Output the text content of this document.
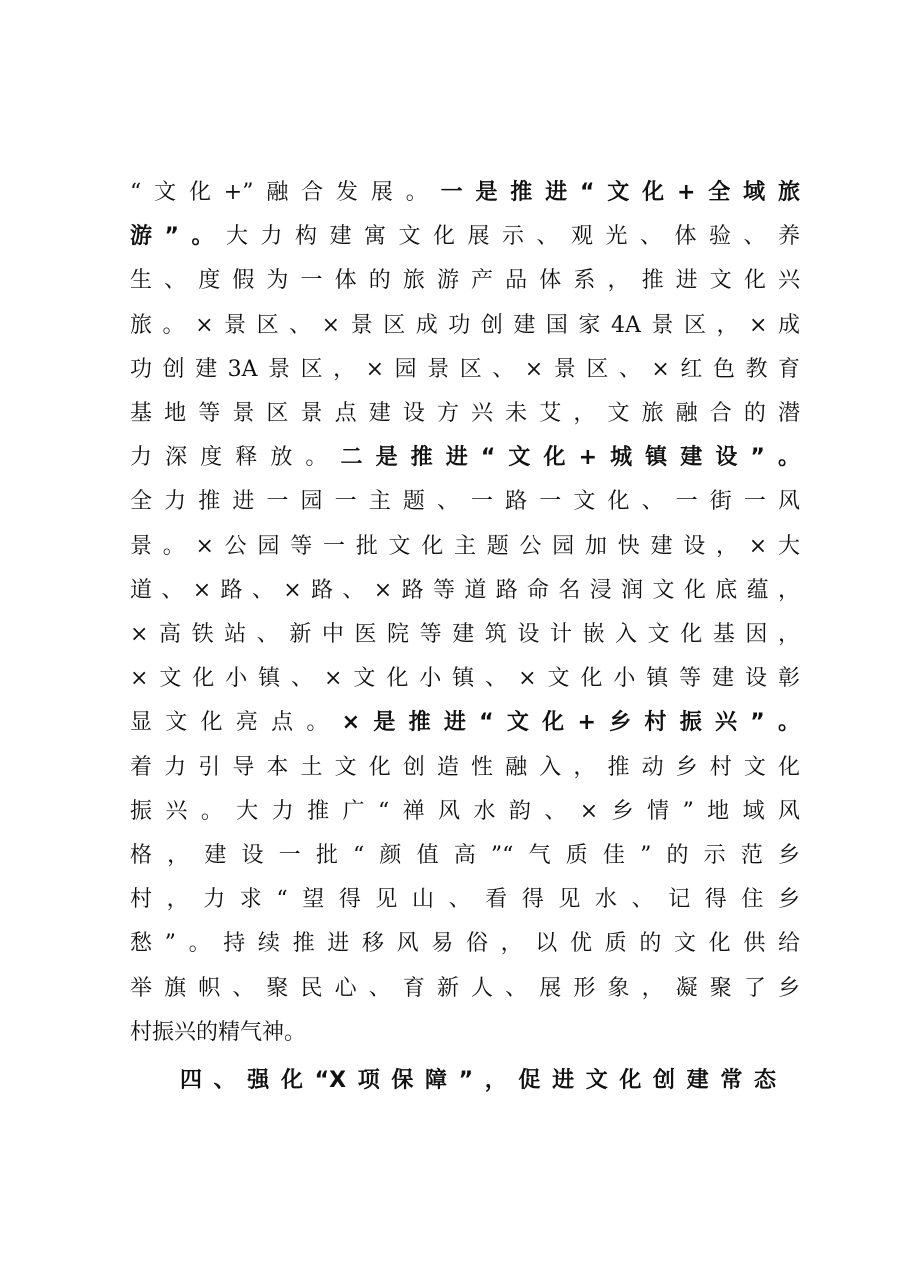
“文化+”融合发展。一是推进“文化+全域旅
游”。大力构建寓文化展示、观光、体验、养
生、度假为一体的旅游产品体系，推进文化兴
旅。×景区、×景区成功创建国家4A景区，×成
功创建3A景区，×园景区、×景区、×红色教育
基地等景区景点建设方兴未艾，文旅融合的潜
力深度释放。二是推进“文化+城镇建设”。
全力推进一园一主题、一路一文化、一街一风
景。×公园等一批文化主题公园加快建设，×大
道、×路、×路、×路等道路命名浸润文化底蕴，
×高铁站、新中医院等建筑设计嵌入文化基因，
×文化小镇、×文化小镇、×文化小镇等建设彰
显文化亮点。×是推进“文化+乡村振兴”。
着力引导本土文化创造性融入，推动乡村文化
振兴。大力推广“禅风水韵、×乡情”地域风
格，建设一批“颜值高”“气质佳”的示范乡
村，力求“望得见山、看得见水、记得住乡
愁”。持续推进移风易俗，以优质的文化供给
举旗帜、聚民心、育新人、展形象，凝聚了乡
村振兴的精气神。
四、强化“X项保障”，促进文化创建常态
